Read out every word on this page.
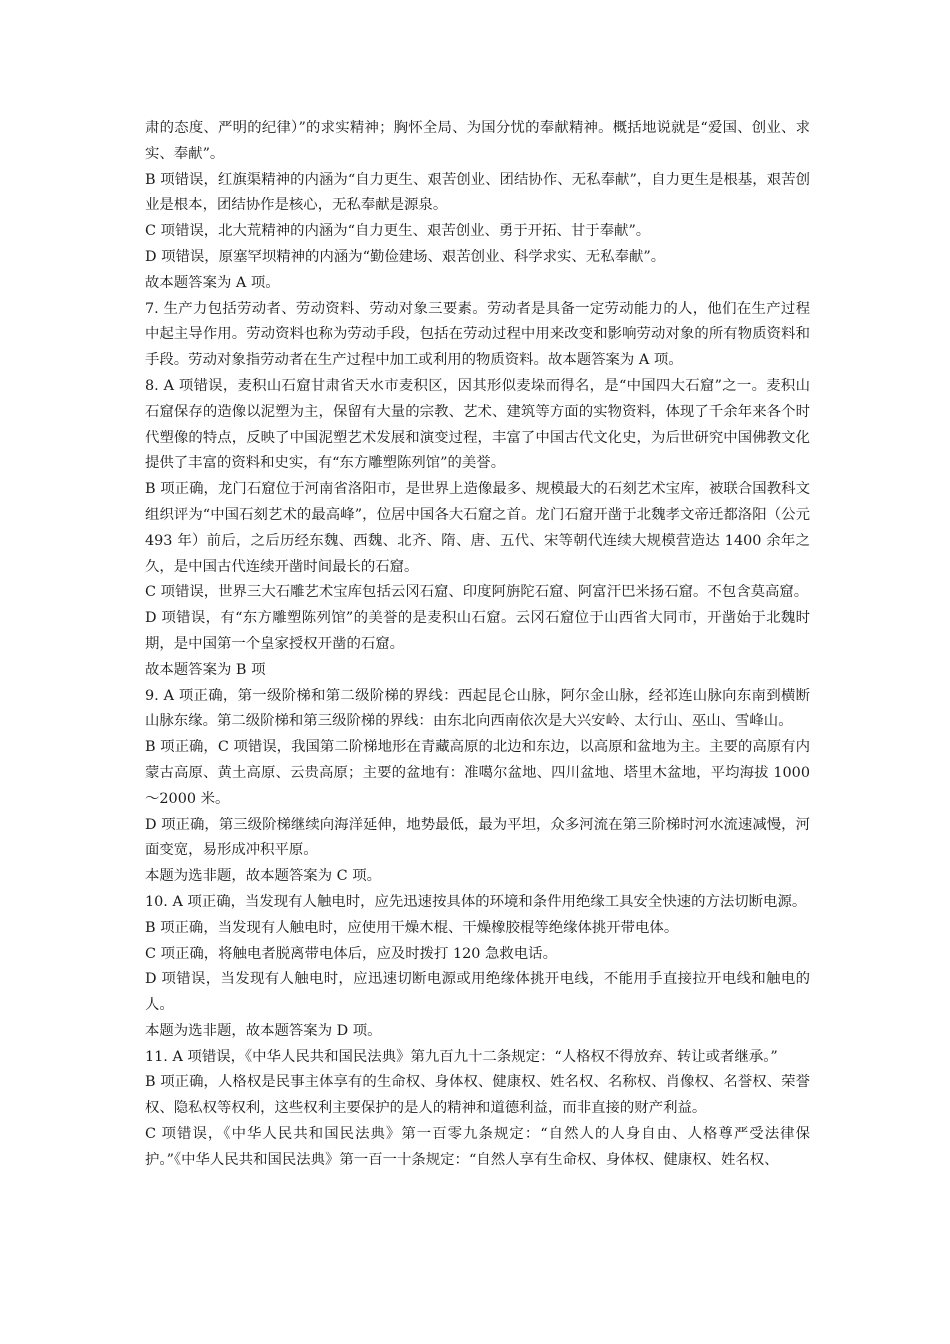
肃的态度、严明的纪律）”的求实精神；胸怀全局、为国分忧的奉献精神。概括地说就是“爱国、创业、求实、奉献”。

B 项错误，红旗渠精神的内涵为“自力更生、艰苦创业、团结协作、无私奉献”，自力更生是根基，艰苦创业是根本，团结协作是核心，无私奉献是源泉。

C 项错误，北大荒精神的内涵为“自力更生、艰苦创业、勇于开拓、甘于奉献”。

D 项错误，原塞罕坝精神的内涵为“勤俭建场、艰苦创业、科学求实、无私奉献”。

故本题答案为 A 项。

7. 生产力包括劳动者、劳动资料、劳动对象三要素。劳动者是具备一定劳动能力的人，他们在生产过程中起主导作用。劳动资料也称为劳动手段，包括在劳动过程中用来改变和影响劳动对象的所有物质资料和手段。劳动对象指劳动者在生产过程中加工或利用的物质资料。故本题答案为 A 项。

8. A 项错误，麦积山石窟甘肃省天水市麦积区，因其形似麦垛而得名，是“中国四大石窟”之一。麦积山石窟保存的造像以泥塑为主，保留有大量的宗教、艺术、建筑等方面的实物资料，体现了千余年来各个时代塑像的特点，反映了中国泥塑艺术发展和演变过程，丰富了中国古代文化史，为后世研究中国佛教文化提供了丰富的资料和史实，有“东方雕塑陈列馆”的美誉。

B 项正确，龙门石窟位于河南省洛阳市，是世界上造像最多、规模最大的石刻艺术宝库，被联合国教科文组织评为“中国石刻艺术的最高峰”，位居中国各大石窟之首。龙门石窟开凿于北魏孝文帝迁都洛阳（公元 493 年）前后，之后历经东魏、西魏、北齐、隋、唐、五代、宋等朝代连续大规模营造达 1400 余年之久，是中国古代连续开凿时间最长的石窟。

C 项错误，世界三大石雕艺术宝库包括云冈石窟、印度阿旃陀石窟、阿富汗巴米扬石窟。不包含莫高窟。

D 项错误，有“东方雕塑陈列馆”的美誉的是麦积山石窟。云冈石窟位于山西省大同市，开凿始于北魏时期，是中国第一个皇家授权开凿的石窟。

故本题答案为 B 项

9. A 项正确，第一级阶梯和第二级阶梯的界线：西起昆仑山脉，阿尔金山脉，经祁连山脉向东南到横断山脉东缘。第二级阶梯和第三级阶梯的界线：由东北向西南依次是大兴安岭、太行山、巫山、雪峰山。

B 项正确，C 项错误，我国第二阶梯地形在青藏高原的北边和东边，以高原和盆地为主。主要的高原有内蒙古高原、黄土高原、云贵高原；主要的盆地有：准噶尔盆地、四川盆地、塔里木盆地，平均海拔 1000～2000 米。

D 项正确，第三级阶梯继续向海洋延伸，地势最低，最为平坦，众多河流在第三阶梯时河水流速减慢，河面变宽，易形成冲积平原。

本题为选非题，故本题答案为 C 项。

10. A 项正确，当发现有人触电时，应先迅速按具体的环境和条件用绝缘工具安全快速的方法切断电源。

B 项正确，当发现有人触电时，应使用干燥木棍、干燥橡胶棍等绝缘体挑开带电体。

C 项正确，将触电者脱离带电体后，应及时拨打 120 急救电话。

D 项错误，当发现有人触电时，应迅速切断电源或用绝缘体挑开电线，不能用手直接拉开电线和触电的人。

本题为选非题，故本题答案为 D 项。

11. A 项错误，《中华人民共和国民法典》第九百九十二条规定：“人格权不得放弃、转让或者继承。”

B 项正确，人格权是民事主体享有的生命权、身体权、健康权、姓名权、名称权、肖像权、名誉权、荣誉权、隐私权等权利，这些权利主要保护的是人的精神和道德利益，而非直接的财产利益。

C 项错误，《中华人民共和国民法典》第一百零九条规定：“自然人的人身自由、人格尊严受法律保护。”《中华人民共和国民法典》第一百一十条规定：“自然人享有生命权、身体权、健康权、姓名权、
